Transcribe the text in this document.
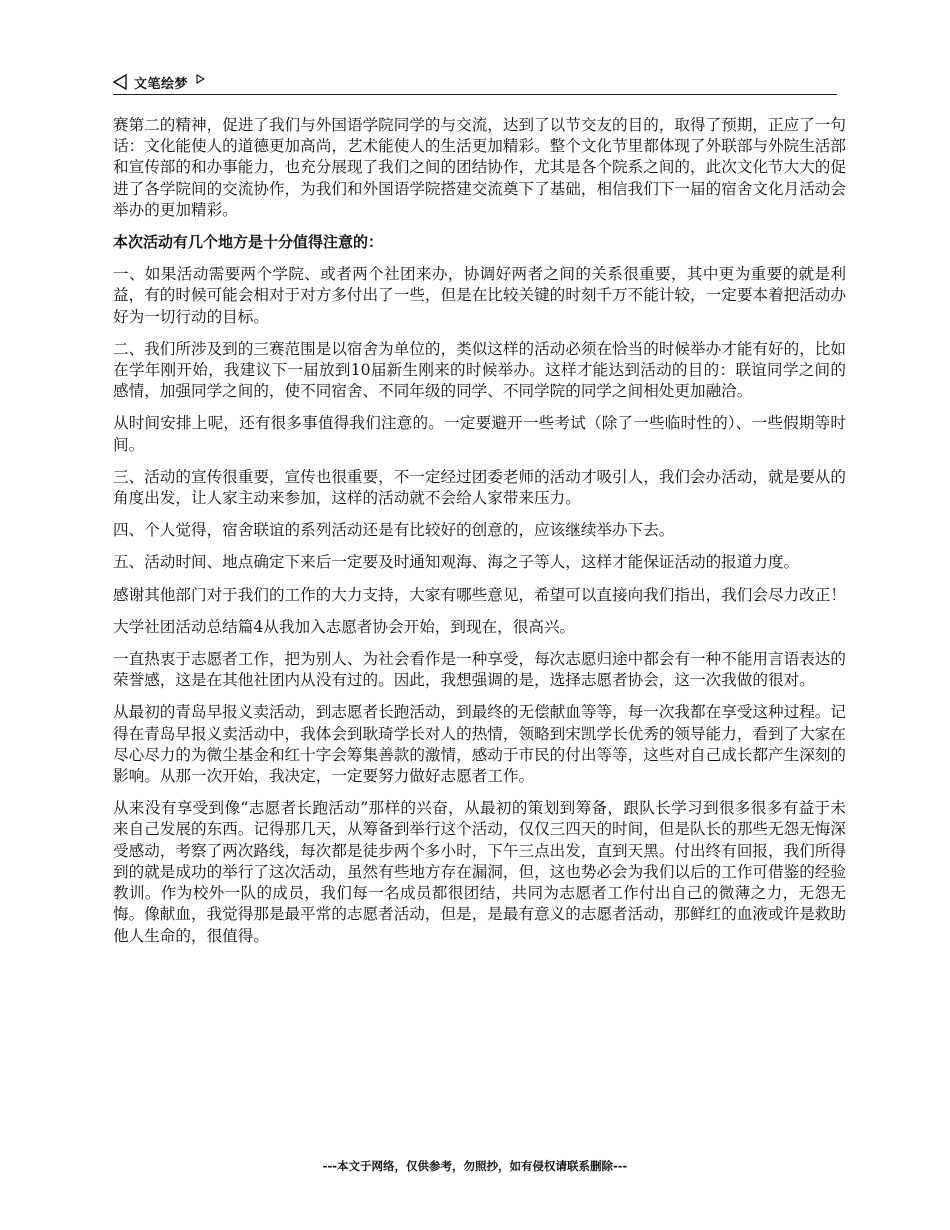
文笔绘梦

赛第二的精神，促进了我们与外国语学院同学的与交流，达到了以节交友的目的，取得了预期，正应了一句话：文化能使人的道德更加高尚，艺术能使人的生活更加精彩。整个文化节里都体现了外联部与外院生活部和宣传部的和办事能力，也充分展现了我们之间的团结协作，尤其是各个院系之间的，此次文化节大大的促进了各学院间的交流协作，为我们和外国语学院搭建交流奠下了基础，相信我们下一届的宿舍文化月活动会举办的更加精彩。

本次活动有几个地方是十分值得注意的：

一、如果活动需要两个学院、或者两个社团来办，协调好两者之间的关系很重要，其中更为重要的就是利益，有的时候可能会相对于对方多付出了一些，但是在比较关键的时刻千万不能计较，一定要本着把活动办好为一切行动的目标。

二、我们所涉及到的三赛范围是以宿舍为单位的，类似这样的活动必须在恰当的时候举办才能有好的，比如在学年刚开始，我建议下一届放到10届新生刚来的时候举办。这样才能达到活动的目的：联谊同学之间的感情，加强同学之间的，使不同宿舍、不同年级的同学、不同学院的同学之间相处更加融洽。

从时间安排上呢，还有很多事值得我们注意的。一定要避开一些考试（除了一些临时性的）、一些假期等时间。

三、活动的宣传很重要，宣传也很重要，不一定经过团委老师的活动才吸引人，我们会办活动，就是要从的角度出发，让人家主动来参加，这样的活动就不会给人家带来压力。

四、个人觉得，宿舍联谊的系列活动还是有比较好的创意的，应该继续举办下去。

五、活动时间、地点确定下来后一定要及时通知观海、海之子等人，这样才能保证活动的报道力度。

感谢其他部门对于我们的工作的大力支持，大家有哪些意见，希望可以直接向我们指出，我们会尽力改正！

大学社团活动总结篇4从我加入志愿者协会开始，到现在，很高兴。

一直热衷于志愿者工作，把为别人、为社会看作是一种享受，每次志愿归途中都会有一种不能用言语表达的荣誉感，这是在其他社团内从没有过的。因此，我想强调的是，选择志愿者协会，这一次我做的很对。

从最初的青岛早报义卖活动，到志愿者长跑活动，到最终的无偿献血等等，每一次我都在享受这种过程。记得在青岛早报义卖活动中，我体会到耿琦学长对人的热情，领略到宋凯学长优秀的领导能力，看到了大家在尽心尽力的为微尘基金和红十字会筹集善款的激情，感动于市民的付出等等，这些对自己成长都产生深刻的影响。从那一次开始，我决定，一定要努力做好志愿者工作。

从来没有享受到像“志愿者长跑活动”那样的兴奋，从最初的策划到筹备，跟队长学习到很多很多有益于未来自己发展的东西。记得那几天，从筹备到举行这个活动，仅仅三四天的时间，但是队长的那些无怨无悔深受感动，考察了两次路线，每次都是徒步两个多小时，下午三点出发，直到天黑。付出终有回报，我们所得到的就是成功的举行了这次活动，虽然有些地方存在漏洞，但，这也势必会为我们以后的工作可借鉴的经验教训。作为校外一队的成员，我们每一名成员都很团结，共同为志愿者工作付出自己的微薄之力，无怨无悔。像献血，我觉得那是最平常的志愿者活动，但是，是最有意义的志愿者活动，那鲜红的血液或许是救助他人生命的，很值得。

---本文于网络，仅供参考，勿照抄，如有侵权请联系删除---
